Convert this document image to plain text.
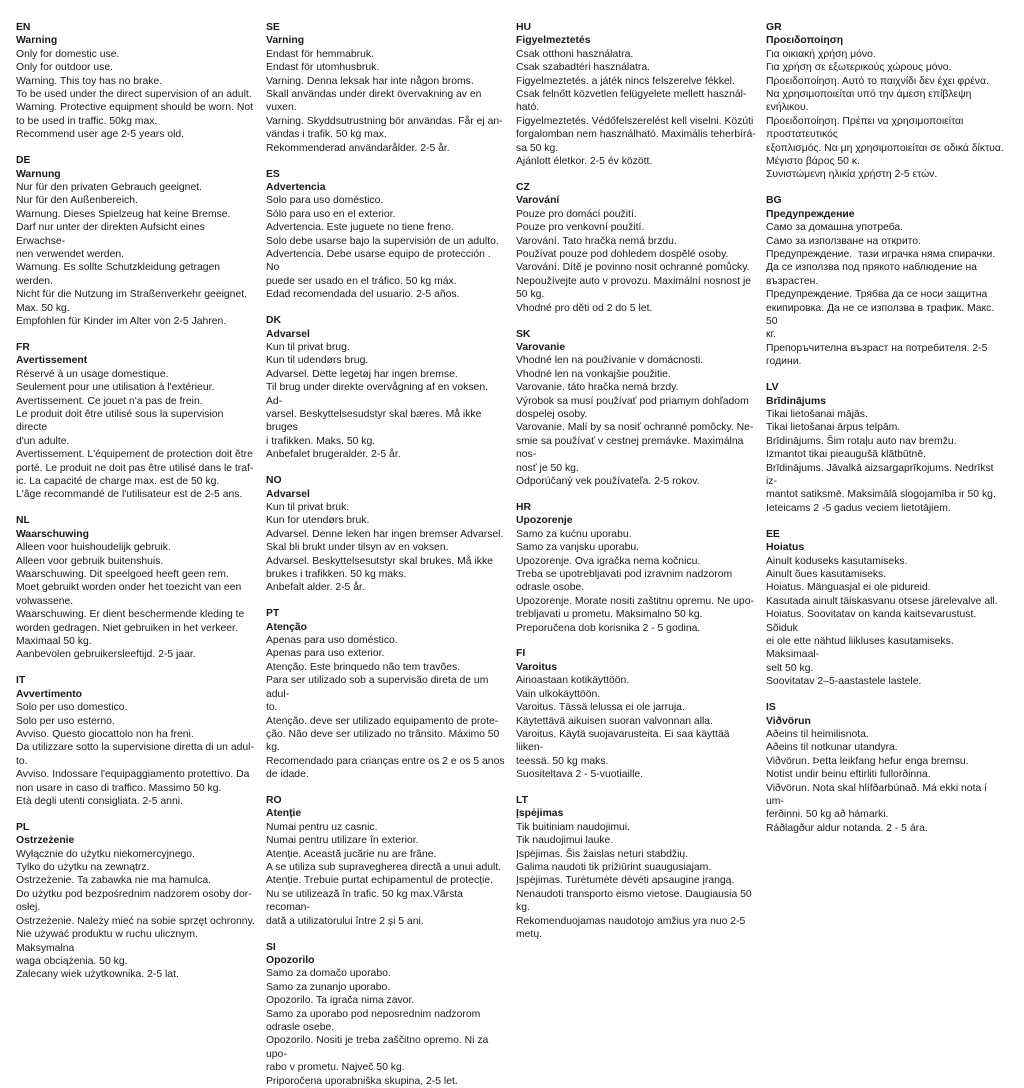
EN
Warning
Only for domestic use.
Only for outdoor use.
Warning. This toy has no brake.
To be used under the direct supervision of an adult.
Warning. Protective equipment should be worn. Not
to be used in traffic. 50kg max.
Recommend user age 2-5 years old.
DE
Warnung
Nur für den privaten Gebrauch geeignet.
Nur für den Außenbereich.
Warnung. Dieses Spielzeug hat keine Bremse.
Darf nur unter der direkten Aufsicht eines Erwachse-
nen verwendet werden.
Warnung. Es sollte Schutzkleidung getragen werden.
Nicht für die Nutzung im Straßenverkehr geeignet.
Max. 50 kg.
Empfohlen für Kinder im Alter von 2-5 Jahren.
FR
Avertissement
Réservé à un usage domestique.
Seulement pour une utilisation à l'extérieur.
Avertissement. Ce jouet n'a pas de frein.
Le produit doit être utilisé sous la supervision directe
d'un adulte.
Avertissement. L'équipement de protection doit être
porté. Le produit ne doit pas être utilisé dans le traf-
ic. La capacité de charge max. est de 50 kg.
L'âge recommandé de l'utilisateur est de 2-5 ans.
NL
Waarschuwing
Alleen voor huishoudelijk gebruik.
Alleen voor gebruik buitenshuis.
Waarschuwing. Dit speelgoed heeft geen rem.
Moet gebruikt worden onder het toezicht van een
volwassene.
Waarschuwing. Er dient beschermende kleding te
worden gedragen. Niet gebruiken in het verkeer.
Maximaal 50 kg.
Aanbevolen gebruikersleeftijd. 2-5 jaar.
IT
Avvertimento
Solo per uso domestico.
Solo per uso esterno.
Avviso. Questo giocattolo non ha freni.
Da utilizzare sotto la supervisione diretta di un adul-
to.
Avviso. Indossare l'equipaggiamento protettivo. Da
non usare in caso di traffico. Massimo 50 kg.
Età degli utenti consigliata. 2-5 anni.
PL
Ostrzeżenie
Wyłącznie do użytku niekomercyjnego.
Tylko do użytku na zewnątrz.
Ostrzeżenie. Ta zabawka nie ma hamulca.
Do użytku pod bezpośrednim nadzorem osoby dor-
osłej.
Ostrzeżenie. Należy mieć na sobie sprzęt ochronny.
Nie używać produktu w ruchu ulicznym. Maksymalna
waga obciążenia. 50 kg.
Zalecany wiek użytkownika. 2-5 lat.
SE
Varning
Endast för hemmabruk.
Endast för utomhusbruk.
Varning. Denna leksak har inte någon broms.
Skall användas under direkt övervakning av en vuxen.
Varning. Skyddsutrustning bör användas. Får ej an-
vändas i trafik. 50 kg max.
Rekommenderad användarålder. 2-5 år.
ES
Advertencia
Solo para uso doméstico.
Sólo para uso en el exterior.
Advertencia. Este juguete no tiene freno.
Solo debe usarse bajo la supervisión de un adulto.
Advertencia. Debe usarse equipo de protección . No
puede ser usado en el tráfico. 50 kg máx.
Edad recomendada del usuario. 2-5 años.
DK
Advarsel
Kun til privat brug.
Kun til udendørs brug.
Advarsel. Dette legetøj har ingen bremse.
Til brug under direkte overvågning af en voksen. Ad-
varsel. Beskyttelsesudstyr skal bæres. Må ikke bruges
i trafikken. Maks. 50 kg.
Anbefalet brugeralder. 2-5 år.
NO
Advarsel
Kun til privat bruk.
Kun for utendørs bruk.
Advarsel. Denne leken har ingen bremser Advarsel.
Skal bli brukt under tilsyn av en voksen.
Advarsel. Beskyttelsesutstyr skal brukes. Må ikke
brukes i trafikken. 50 kg maks.
Anbefalt alder. 2-5 år.
PT
Atenção
Apenas para uso doméstico.
Apenas para uso exterior.
Atenção. Este brinquedo não tem travões.
Para ser utilizado sob a supervisão direta de um adul-
to.
Atenção. deve ser utilizado equipamento de prote-
ção. Não deve ser utilizado no trânsito. Máximo 50
kg.
Recomendado para crianças entre os 2 e os 5 anos
de idade.
RO
Atenție
Numai pentru uz casnic.
Numai pentru utilizare în exterior.
Atenție. Această jucărie nu are frâne.
A se utiliza sub supravegherea directă a unui adult.
Atenție. Trebuie purtat echipamentul de protecție.
Nu se utilizează în trafic. 50 kg max.Vârsta recoman-
dată a utilizatorului între 2 și 5 ani.
SI
Opozorilo
Samo za domačo uporabo.
Samo za zunanjo uporabo.
Opozorilo. Ta igrača nima zavor.
Samo za uporabo pod neposrednim nadzorom
odrasle osebe.
Opozorilo. Nositi je treba zaščitno opremo. Ni za upo-
rabo v prometu. Največ 50 kg.
Priporočena uporabniška skupina, 2-5 let.
HU
Figyelmeztetés
Csak otthoni használatra.
Csak szabadtéri használatra.
Figyelmeztetés. a játék nincs felszerelve fékkel.
Csak felnőtt közvetlen felügyelete mellett használ-
ható.
Figyelmeztetés. Védőfelszerelést kell viselni. Közúti
forgalomban nem használható. Maximális teherbírá-
sa 50 kg.
Ajánlott életkor. 2-5 év között.
CZ
Varování
Pouze pro domácí použití.
Pouze pro venkovní použití.
Varování. Tato hračka nemá brzdu.
Používat pouze pod dohledem dospělé osoby.
Varování. Dítě je povinno nosit ochranné pomůcky.
Nepoužívejte auto v provozu. Maximální nosnost je
50 kg.
Vhodné pro děti od 2 do 5 let.
SK
Varovanie
Vhodné len na používanie v domácnosti.
Vhodné len na vonkajšie použitie.
Varovanie. táto hračka nemá brzdy.
Výrobok sa musí používať pod priamym dohľadom
dospelej osoby.
Varovanie. Malí by sa nosiť ochranné pomôcky. Ne-
smie sa používať v cestnej premávke. Maximálna nos-
nosť je 50 kg.
Odporúčaný vek používateľa. 2-5 rokov.
HR
Upozorenje
Samo za kućnu uporabu.
Samo za vanjsku uporabu.
Upozorenje. Ova igračka nema kočnicu.
Treba se upotrebljavati pod izravnim nadzorom
odrasle osobe.
Upozorenje. Morate nositi zaštitnu opremu. Ne upo-
trebljavati u prometu. Maksimalno 50 kg.
Preporučena dob korisnika 2 - 5 godina.
FI
Varoitus
Ainoastaan kotikäyttöön.
Vain ulkokäyttöön.
Varoitus. Tässä lelussa ei ole jarruja.
Käytettävä aikuisen suoran valvonnan alla.
Varoitus. Käytä suojavarusteita. Ei saa käyttää liiken-
teessä. 50 kg maks.
Suositeltava 2 - 5-vuotiaille.
LT
Įspėjimas
Tik buitiniam naudojimui.
Tik naudojimui lauke.
Įspėjimas. Šis žaislas neturi stabdžių.
Galima naudoti tik prižiūrint suaugusiajam.
Įspėjimas. Turėtumėte dėvėti apsaugine įrangą.
Nenaudoti transporto eismo vietose. Daugiausia 50
kg.
Rekomenduojamas naudotojo amžius yra nuo 2-5
metų.
GR
Προειδοποίηση
Για οικιακή χρήση μόνο.
Για χρήση σε εξωτερικούς χώρους μόνο.
Προειδοποίηση. Αυτό το παιχνίδι δεν έχει φρένα.
Να χρησιμοποιείται υπό την άμεση επίβλεψη
ενήλικου.
Προειδοποίηση. Πρέπει να χρησιμοποιείται
προστατευτικός
εξοπλισμός. Να μη χρησιμοποιείται σε οδικά δίκτυα.
Μέγιστο βάρος 50 κ.
Συνιστώμενη ηλικία χρήστη 2-5 ετών.
BG
Предупреждение
Само за домашна употреба.
Само за използване на открито.
Предупреждение.  тази играчка няма спирачки.
Да се използва под прякото наблюдение на
възрастен.
Предупреждение. Трябва да се носи защитна
екипировка. Да не се използва в трафик. Макс. 50
кг.
Препоръчителна възраст на потребителя. 2-5
години.
LV
Brīdinājums
Tikai lietošanai mājās.
Tikai lietošanai ārpus telpām.
Brīdinājums. Šim rotaļu auto nav bremžu.
Izmantot tikai pieaugušā klātbūtnē.
Brīdinājums. Jāvalkā aizsargaprīkojums. Nedrīkst iz-
mantot satiksmē. Maksimālā slogojamība ir 50 kg.
Ieteicams 2 -5 gadus veciem lietotājiem.
EE
Hoiatus
Ainult koduseks kasutamiseks.
Ainult õues kasutamiseks.
Hoiatus. Mänguasjal ei ole pidureid.
Kasutada ainult täiskasvanu otsese järelevalve all.
Hoiatus. Soovitatav on kanda kaitsevarustust. Sõiduk
ei ole ette nähtud liikluses kasutamiseks. Maksimaal-
selt 50 kg.
Soovitatav 2–5-aastastele lastele.
IS
Viðvörun
Aðeins til heimilisnota.
Aðeins til notkunar utandyra.
Viðvörun. Þetta leikfang hefur enga bremsu.
Notist undir beinu eftirliti fullorðinna.
Viðvörun. Nota skal hlífðarbúnað. Má ekki nota í um-
ferðinni. 50 kg að hámarki.
Ráðlagður aldur notanda. 2 - 5 ára.
